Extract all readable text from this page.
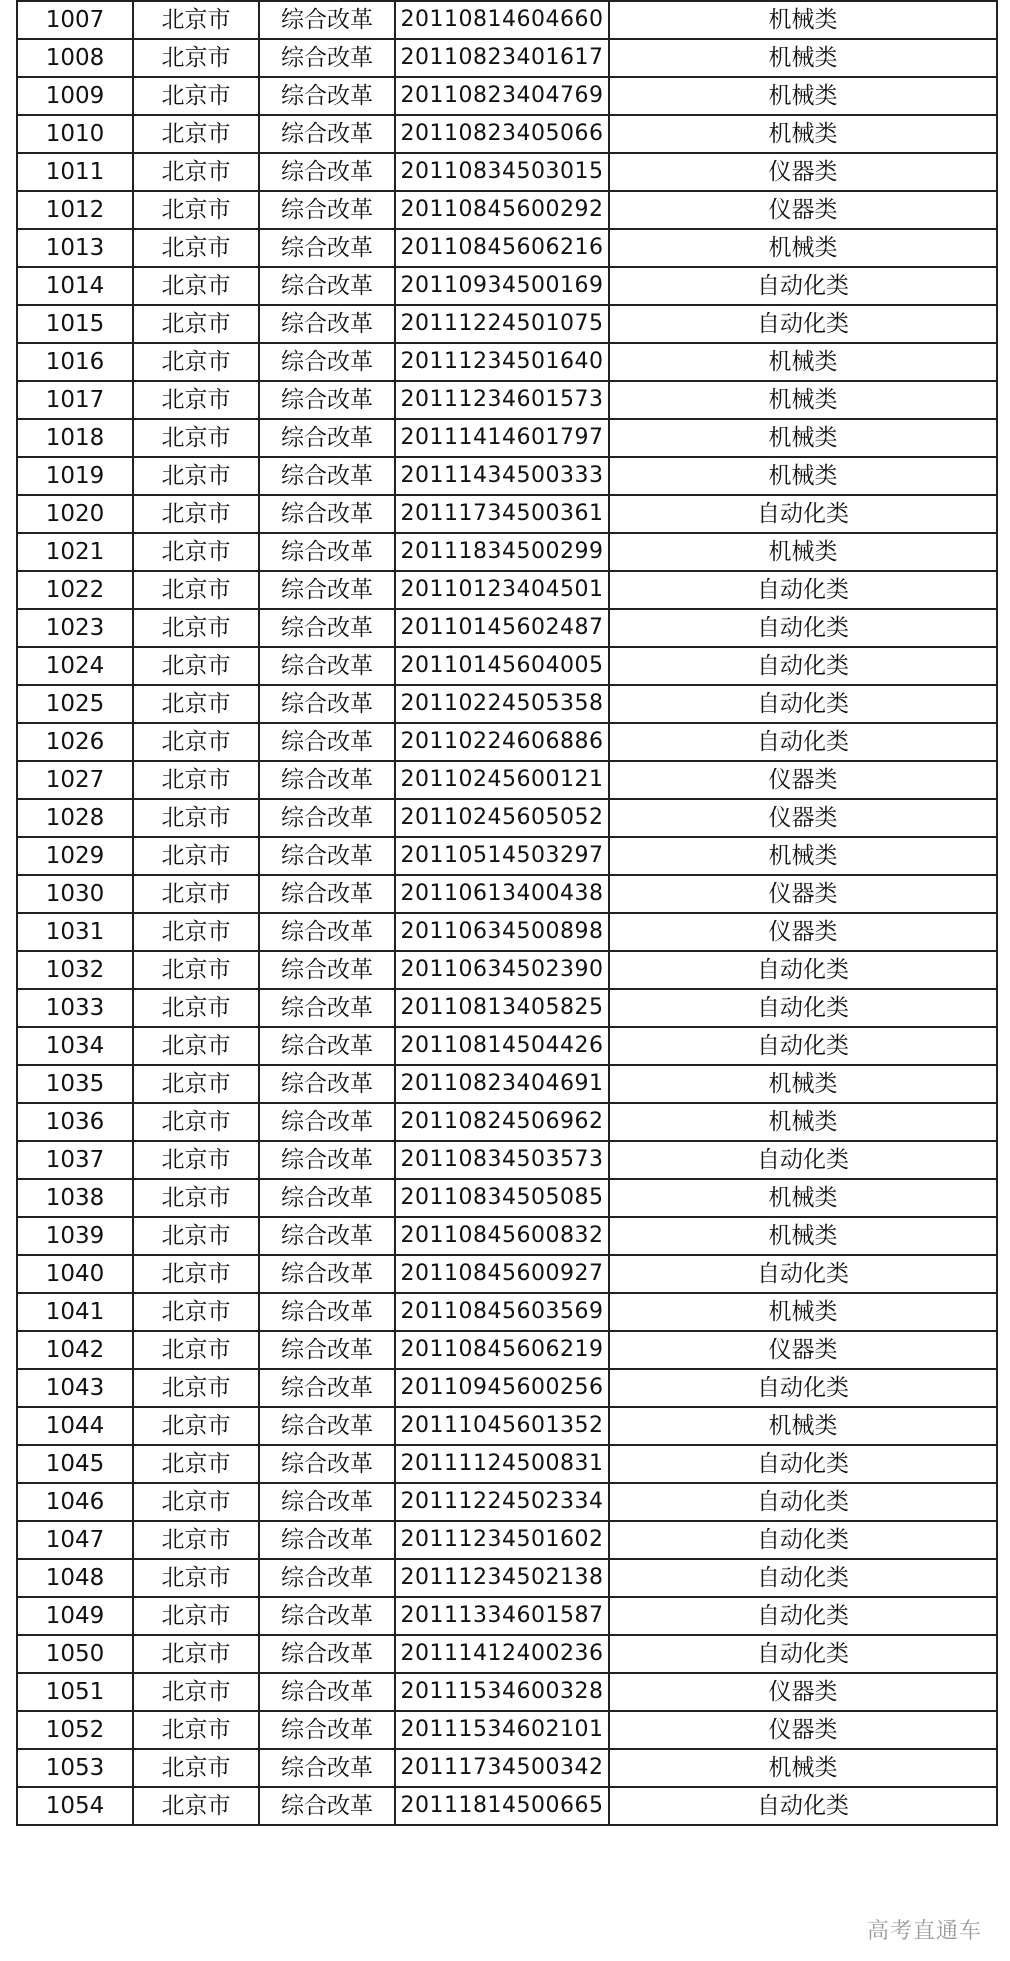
1007	北京市	综合改革	20110814604660	机械类
1008	北京市	综合改革	20110823401617	机械类
1009	北京市	综合改革	20110823404769	机械类
1010	北京市	综合改革	20110823405066	机械类
1011	北京市	综合改革	20110834503015	仪器类
1012	北京市	综合改革	20110845600292	仪器类
1013	北京市	综合改革	20110845606216	机械类
1014	北京市	综合改革	20110934500169	自动化类
1015	北京市	综合改革	20111224501075	自动化类
1016	北京市	综合改革	20111234501640	机械类
1017	北京市	综合改革	20111234601573	机械类
1018	北京市	综合改革	20111414601797	机械类
1019	北京市	综合改革	20111434500333	机械类
1020	北京市	综合改革	20111734500361	自动化类
1021	北京市	综合改革	20111834500299	机械类
1022	北京市	综合改革	20110123404501	自动化类
1023	北京市	综合改革	20110145602487	自动化类
1024	北京市	综合改革	20110145604005	自动化类
1025	北京市	综合改革	20110224505358	自动化类
1026	北京市	综合改革	20110224606886	自动化类
1027	北京市	综合改革	20110245600121	仪器类
1028	北京市	综合改革	20110245605052	仪器类
1029	北京市	综合改革	20110514503297	机械类
1030	北京市	综合改革	20110613400438	仪器类
1031	北京市	综合改革	20110634500898	仪器类
1032	北京市	综合改革	20110634502390	自动化类
1033	北京市	综合改革	20110813405825	自动化类
1034	北京市	综合改革	20110814504426	自动化类
1035	北京市	综合改革	20110823404691	机械类
1036	北京市	综合改革	20110824506962	机械类
1037	北京市	综合改革	20110834503573	自动化类
1038	北京市	综合改革	20110834505085	机械类
1039	北京市	综合改革	20110845600832	机械类
1040	北京市	综合改革	20110845600927	自动化类
1041	北京市	综合改革	20110845603569	机械类
1042	北京市	综合改革	20110845606219	仪器类
1043	北京市	综合改革	20110945600256	自动化类
1044	北京市	综合改革	20111045601352	机械类
1045	北京市	综合改革	20111124500831	自动化类
1046	北京市	综合改革	20111224502334	自动化类
1047	北京市	综合改革	20111234501602	自动化类
1048	北京市	综合改革	20111234502138	自动化类
1049	北京市	综合改革	20111334601587	自动化类
1050	北京市	综合改革	20111412400236	自动化类
1051	北京市	综合改革	20111534600328	仪器类
1052	北京市	综合改革	20111534602101	仪器类
1053	北京市	综合改革	20111734500342	机械类
1054	北京市	综合改革	20111814500665	自动化类
高考直通车
